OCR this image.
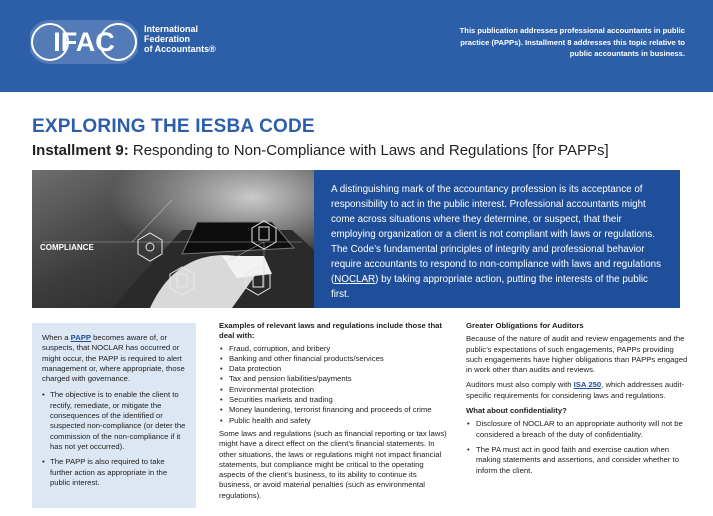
IFAC	International
Federation
of Accountants®
This publication addresses professional accountants in public practice (PAPPs). Installment 8 addresses this topic relative to public accountants in business.
EXPLORING THE IESBA CODE
Installment 9: Responding to Non-Compliance with Laws and Regulations [for PAPPs]
COMPLIANCE
A distinguishing mark of the accountancy profession is its acceptance of responsibility to act in the public interest. Professional accountants might come across situations where they determine, or suspect, that their employing organization or a client is not compliant with laws or regulations. The Code’s fundamental principles of integrity and professional behavior require accountants to respond to non-compliance with laws and regulations (NOCLAR) by taking appropriate action, putting the interests of the public first.

When a PAPP becomes aware of, or suspects, that NOCLAR has occurred or might occur, the PAPP is required to alert management or, where appropriate, those charged with governance.

• The objective is to enable the client to rectify, remediate, or mitigate the consequences of the identified or suspected non-compliance (or deter the commission of the non-compliance if it has not yet occurred).
• The PAPP is also required to take further action as appropriate in the public interest.
Examples of relevant laws and regulations include those that deal with:
• Fraud, corruption, and bribery
• Banking and other financial products/services
• Data protection
• Tax and pension liabilities/payments
• Environmental protection
• Securities markets and trading
• Money laundering, terrorist financing and proceeds of crime
• Public health and safety

Some laws and regulations (such as financial reporting or tax laws) might have a direct effect on the client’s financial statements. In other situations, the laws or regulations might not impact financial statements, but compliance might be critical to the operating aspects of the client’s business, to its ability to continue its business, or avoid material penalties (such as environmental regulations).

Greater Obligations for Auditors

Because of the nature of audit and review engagements and the public’s expectations of such engagements, PAPPs providing such engagements have higher obligations than PAPPs engaged in work other than audits and reviews.

Auditors must also comply with ISA 250, which addresses audit-specific requirements for considering laws and regulations.

What about confidentiality?
• Disclosure of NOCLAR to an appropriate authority will not be considered a breach of the duty of confidentiality.
• The PA must act in good faith and exercise caution when making statements and assertions, and consider whether to inform the client.
